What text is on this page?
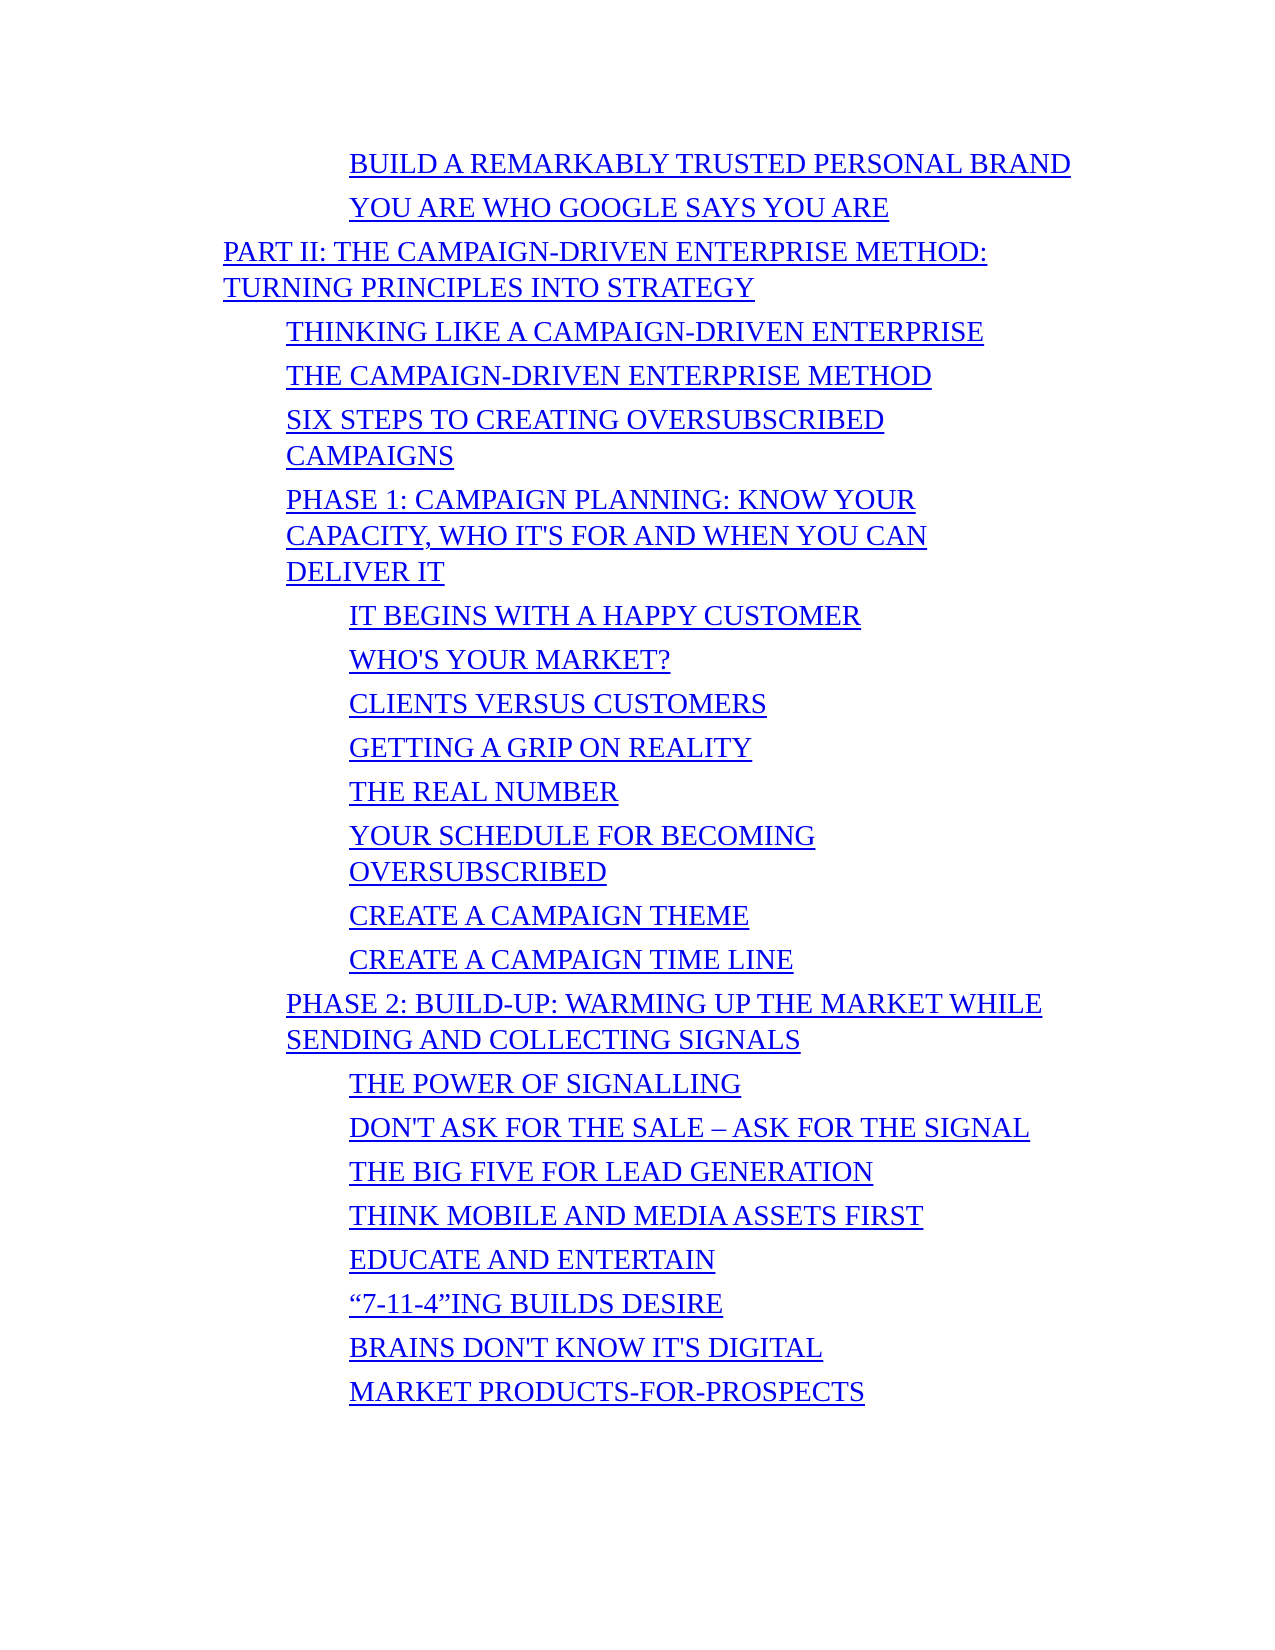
BUILD A REMARKABLY TRUSTED PERSONAL BRAND
YOU ARE WHO GOOGLE SAYS YOU ARE
PART II: THE CAMPAIGN-DRIVEN ENTERPRISE METHOD: TURNING PRINCIPLES INTO STRATEGY
THINKING LIKE A CAMPAIGN-DRIVEN ENTERPRISE
THE CAMPAIGN-DRIVEN ENTERPRISE METHOD
SIX STEPS TO CREATING OVERSUBSCRIBED CAMPAIGNS
PHASE 1: CAMPAIGN PLANNING: KNOW YOUR CAPACITY, WHO IT'S FOR AND WHEN YOU CAN DELIVER IT
IT BEGINS WITH A HAPPY CUSTOMER
WHO'S YOUR MARKET?
CLIENTS VERSUS CUSTOMERS
GETTING A GRIP ON REALITY
THE REAL NUMBER
YOUR SCHEDULE FOR BECOMING OVERSUBSCRIBED
CREATE A CAMPAIGN THEME
CREATE A CAMPAIGN TIME LINE
PHASE 2: BUILD-UP: WARMING UP THE MARKET WHILE SENDING AND COLLECTING SIGNALS
THE POWER OF SIGNALLING
DON'T ASK FOR THE SALE – ASK FOR THE SIGNAL
THE BIG FIVE FOR LEAD GENERATION
THINK MOBILE AND MEDIA ASSETS FIRST
EDUCATE AND ENTERTAIN
“7-11-4”ING BUILDS DESIRE
BRAINS DON'T KNOW IT'S DIGITAL
MARKET PRODUCTS-FOR-PROSPECTS
